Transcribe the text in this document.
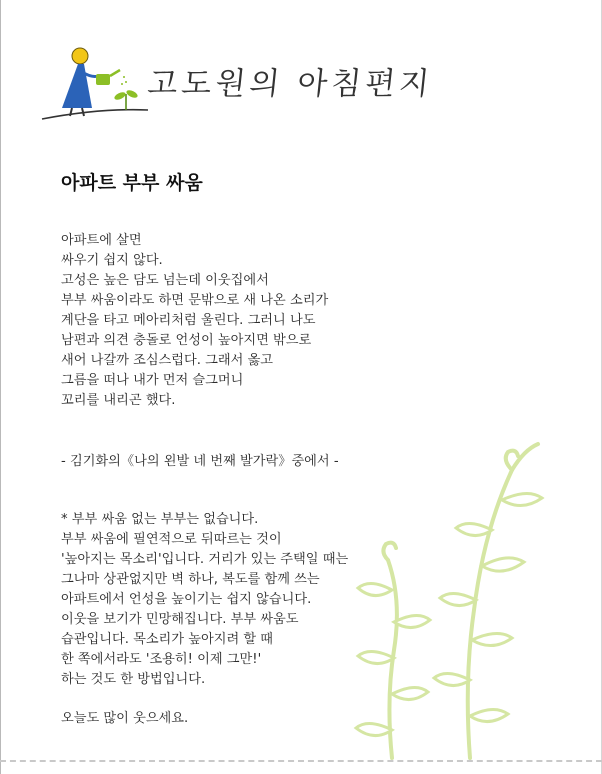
고도원의 아침편지
아파트 부부 싸움
아파트에 살면
싸우기 쉽지 않다.
고성은 높은 담도 넘는데 이웃집에서
부부 싸움이라도 하면 문밖으로 새 나온 소리가
계단을 타고 메아리처럼 울린다. 그러니 나도
남편과 의견 충돌로 언성이 높아지면 밖으로
새어 나갈까 조심스럽다. 그래서 옳고
그름을 떠나 내가 먼저 슬그머니
꼬리를 내리곤 했다.
- 김기화의《나의 왼발 네 번째 발가락》중에서 -
* 부부 싸움 없는 부부는 없습니다.
부부 싸움에 필연적으로 뒤따르는 것이
'높아지는 목소리'입니다. 거리가 있는 주택일 때는
그나마 상관없지만 벽 하나, 복도를 함께 쓰는
아파트에서 언성을 높이기는 쉽지 않습니다.
이웃을 보기가 민망해집니다. 부부 싸움도
습관입니다. 목소리가 높아지려 할 때
한 쪽에서라도 '조용히! 이제 그만!'
하는 것도 한 방법입니다.
오늘도 많이 웃으세요.
